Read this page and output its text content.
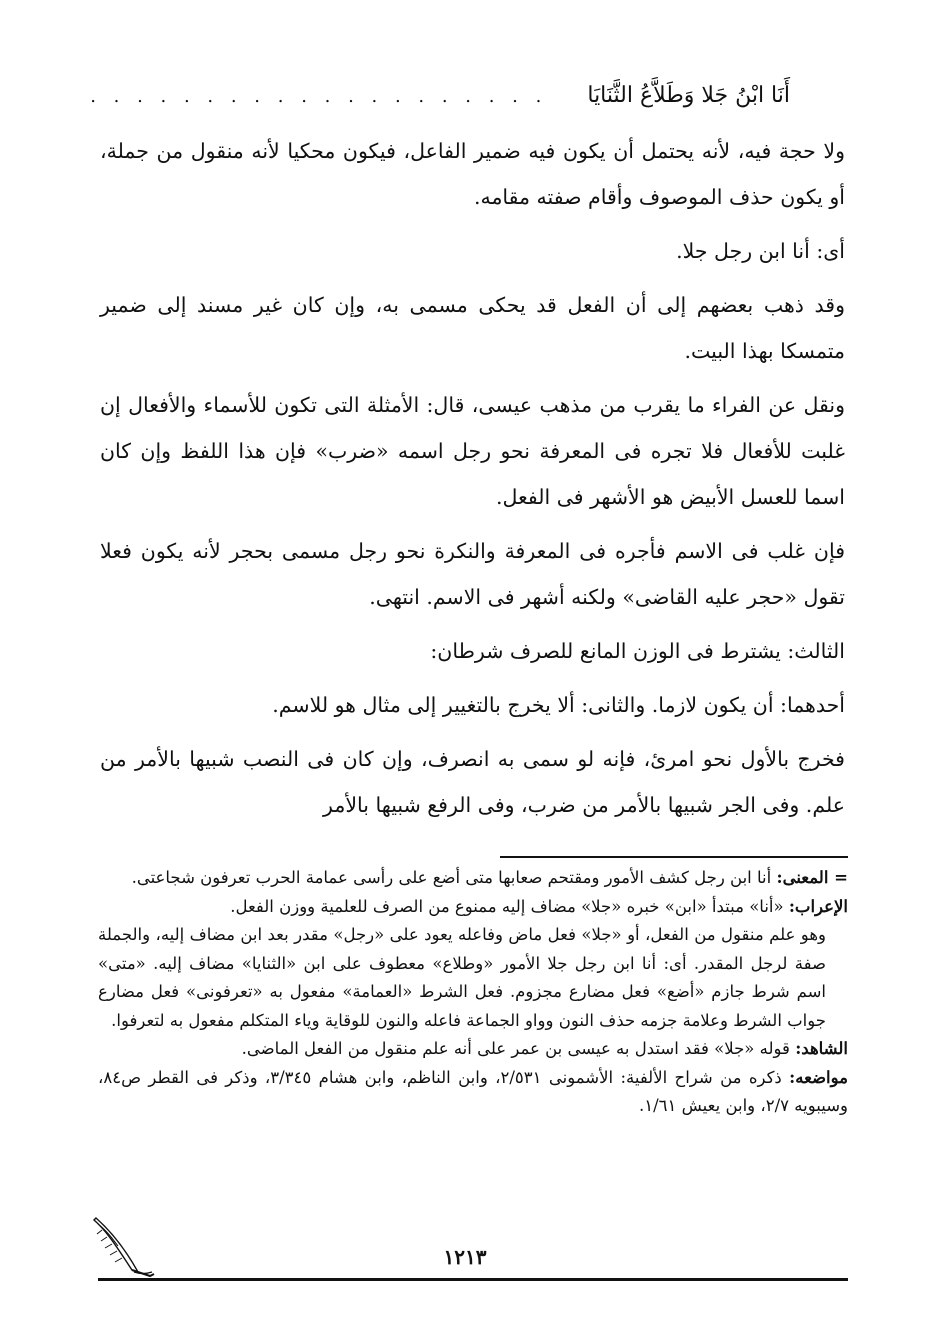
أَنَا ابْنُ جَلا وَطَلاَّعُ الثَّنَايَا. . . . . . . . . . . . . . . . . . . .

ولا حجة فيه، لأنه يحتمل أن يكون فيه ضمير الفاعل، فيكون محكيا لأنه منقول من جملة، أو يكون حذف الموصوف وأقام صفته مقامه.

أى: أنا ابن رجل جلا.

وقد ذهب بعضهم إلى أن الفعل قد يحكى مسمى به، وإن كان غير مسند إلى ضمير متمسكا بهذا البيت.

ونقل عن الفراء ما يقرب من مذهب عيسى، قال: الأمثلة التى تكون للأسماء والأفعال إن غلبت للأفعال فلا تجره فى المعرفة نحو رجل اسمه «ضرب» فإن هذا اللفظ وإن كان اسما للعسل الأبيض هو الأشهر فى الفعل.

فإن غلب فى الاسم فأجره فى المعرفة والنكرة نحو رجل مسمى بحجر لأنه يكون فعلا تقول «حجر عليه القاضى» ولكنه أشهر فى الاسم. انتهى.

الثالث: يشترط فى الوزن المانع للصرف شرطان:

أحدهما: أن يكون لازما. والثانى: ألا يخرج بالتغيير إلى مثال هو للاسم.

فخرج بالأول نحو امرئ، فإنه لو سمى به انصرف، وإن كان فى النصب شبيها بالأمر من علم. وفى الجر شبيها بالأمر من ضرب، وفى الرفع شبيها بالأمر

= المعنى: أنا ابن رجل كشف الأمور ومقتحم صعابها متى أضع على رأسى عمامة الحرب تعرفون شجاعتى.

الإعراب: «أنا» مبتدأ «ابن» خبره «جلا» مضاف إليه ممنوع من الصرف للعلمية ووزن الفعل.

وهو علم منقول من الفعل، أو «جلا» فعل ماض وفاعله يعود على «رجل» مقدر بعد ابن مضاف إليه، والجملة صفة لرجل المقدر. أى: أنا ابن رجل جلا الأمور «وطلاع» معطوف على ابن «الثنايا» مضاف إليه. «متى» اسم شرط جازم «أضع» فعل مضارع مجزوم. فعل الشرط «العمامة» مفعول به «تعرفونى» فعل مضارع جواب الشرط وعلامة جزمه حذف النون وواو الجماعة فاعله والنون للوقاية وياء المتكلم مفعول به لتعرفوا.

الشاهد: قوله «جلا» فقد استدل به عيسى بن عمر على أنه علم منقول من الفعل الماضى.

مواضعه: ذكره من شراح الألفية: الأشمونى ٢/٥٣١، وابن الناظم، وابن هشام ٣/٣٤٥، وذكر فى القطر ص٨٤، وسيبويه ٢/٧، وابن يعيش ١/٦١.

١٢١٣
